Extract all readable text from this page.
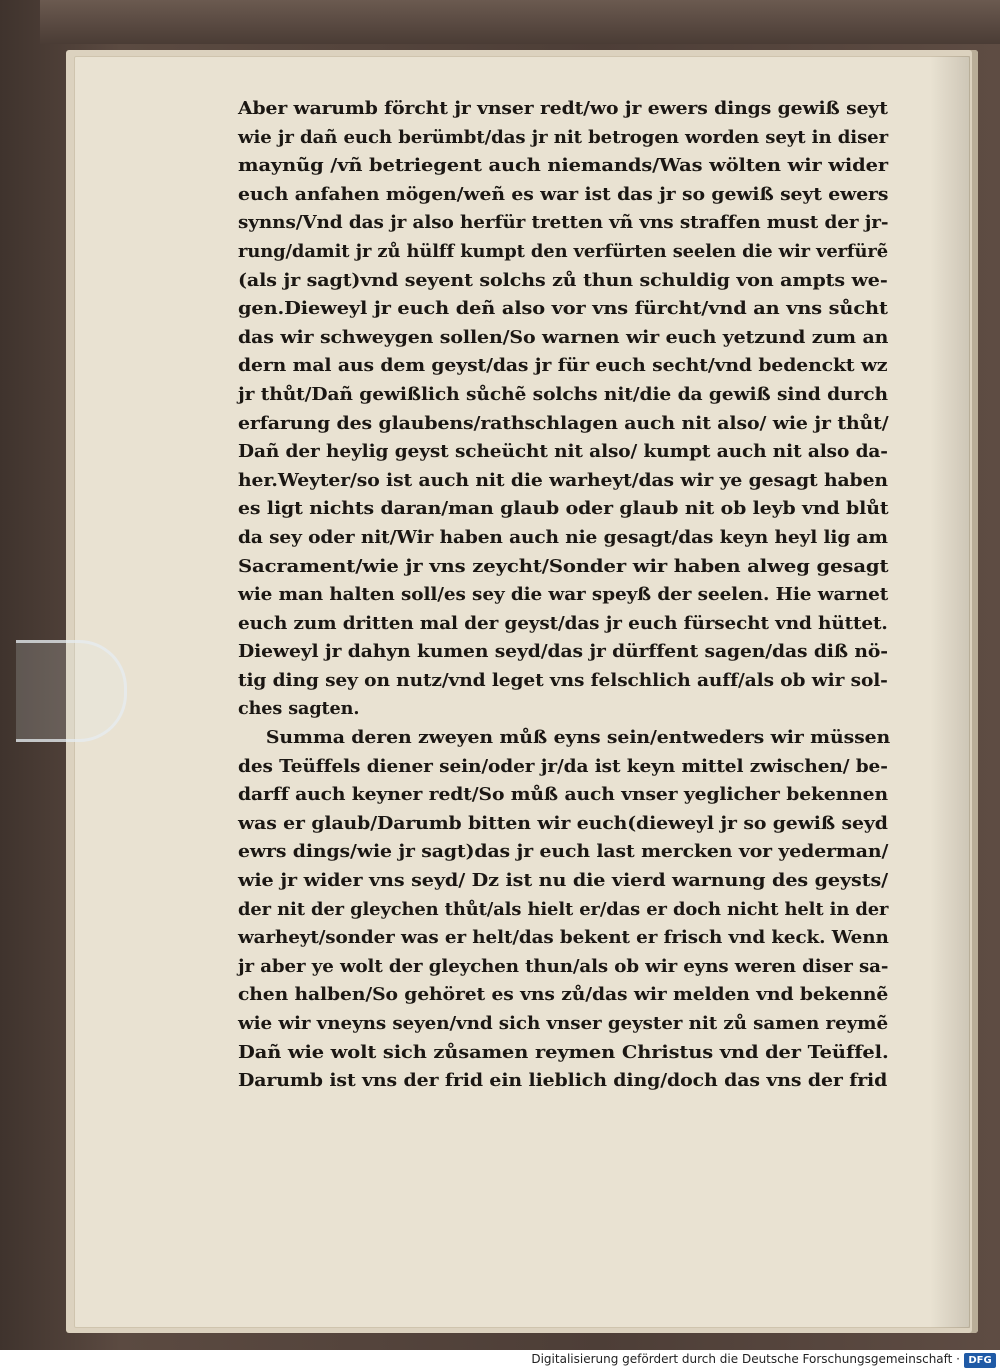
Aber warumb förcht jr vnser redt/wo jr ewers dings gewiß seyt
wie jr dañ euch berümbt/das jr nit betrogen worden seyt in diser
maynũg /vñ betriegent auch niemands/Was wölten wir wider
euch anfahen mögen/weñ es war ist das jr so gewiß seyt ewers
synns/Vnd das jr also herfür tretten vñ vns straffen must der jr-
rung/damit jr zů hülff kumpt den verfürten seelen die wir verfürẽ
(als jr sagt)vnd seyent solchs zů thun schuldig von ampts we-
gen.Dieweyl jr euch deñ also vor vns fürcht/vnd an vns sůcht
das wir schweygen sollen/So warnen wir euch yetzund zum an
dern mal aus dem geyst/das jr für euch secht/vnd bedenckt wz
jr thůt/Dañ gewißlich sůchẽ solchs nit/die da gewiß sind durch
erfarung des glaubens/rathschlagen auch nit also/ wie jr thůt/
Dañ der heylig geyst scheücht nit also/ kumpt auch nit also da-
her.Weyter/so ist auch nit die warheyt/das wir ye gesagt haben
es ligt nichts daran/man glaub oder glaub nit ob leyb vnd blůt
da sey oder nit/Wir haben auch nie gesagt/das keyn heyl lig am
Sacrament/wie jr vns zeycht/Sonder wir haben alweg gesagt
wie man halten soll/es sey die war speyß der seelen. Hie warnet
euch zum dritten mal der geyst/das jr euch fürsecht vnd hüttet.
Dieweyl jr dahyn kumen seyd/das jr dürffent sagen/das diß nö-
tig ding sey on nutz/vnd leget vns felschlich auff/als ob wir sol-
ches sagten.
Summa deren zweyen můß eyns sein/entweders wir müssen
des Teüffels diener sein/oder jr/da ist keyn mittel zwischen/ be-
darff auch keyner redt/So můß auch vnser yeglicher bekennen
was er glaub/Darumb bitten wir euch(dieweyl jr so gewiß seyd
ewrs dings/wie jr sagt)das jr euch last mercken vor yederman/
wie jr wider vns seyd/ Dz ist nu die vierd warnung des geysts/
der nit der gleychen thůt/als hielt er/das er doch nicht helt in der
warheyt/sonder was er helt/das bekent er frisch vnd keck. Wenn
jr aber ye wolt der gleychen thun/als ob wir eyns weren diser sa-
chen halben/So gehöret es vns zů/das wir melden vnd bekennẽ
wie wir vneyns seyen/vnd sich vnser geyster nit zů samen reymẽ
Dañ wie wolt sich zůsamen reymen Christus vnd der Teüffel.
Darumb ist vns der frid ein lieblich ding/doch das vns der frid
Digitalisierung gefördert durch die Deutsche Forschungsgemeinschaft · DFG
